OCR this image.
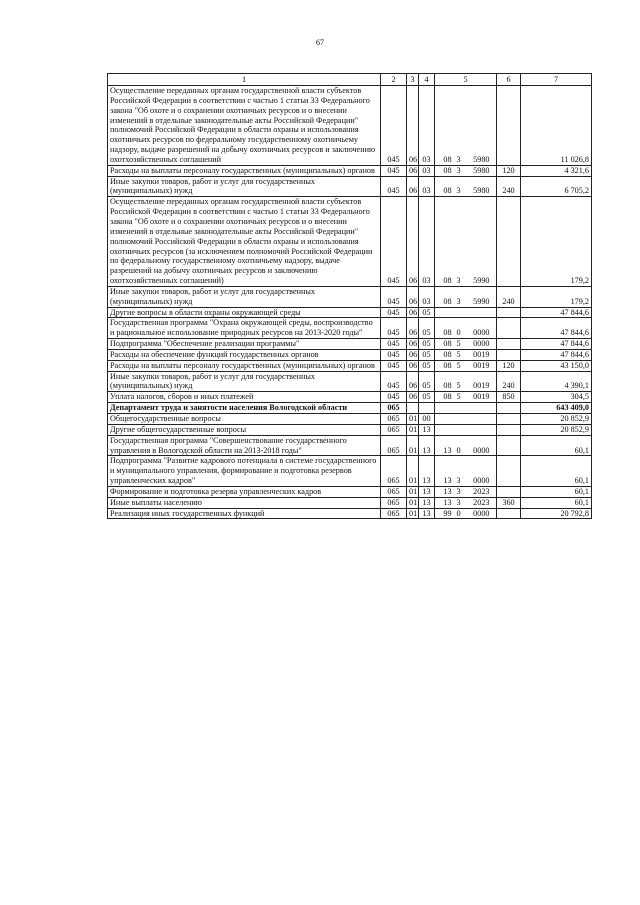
67
1	2	3	4	5	6	7
Осуществление переданных органам государственной власти субъектов Российской Федерации в соответствии с частью 1 статьи 33 Федерального закона "Об охоте и о сохранении охотничьих ресурсов и о внесении изменений в отдельные законодательные акты Российской Федерации" полномочий Российской Федерации в области охраны и использования охотничьих ресурсов по федеральному государственному охотничьему надзору, выдаче разрешений на добычу охотничьих ресурсов и заключению охотхозяйственных соглашений	045	06	03	08 3 5980		11 026,8
Расходы на выплаты персоналу государственных (муниципальных) органов	045	06	03	08 3 5980	120	4 321,6
Иные закупки товаров, работ и услуг для государственных (муниципальных) нужд	045	06	03	08 3 5980	240	6 705,2
Осуществление переданных органам государственной власти субъектов Российской Федерации в соответствии с частью 1 статьи 33 Федерального закона "Об охоте и о сохранении охотничьих ресурсов и о внесении изменений в отдельные законодательные акты Российской Федерации" полномочий Российской Федерации в области охраны и использования охотничьих ресурсов (за исключением полномочий Российской Федерации по федеральному государственному охотничьему надзору, выдаче разрешений на добычу охотничьих ресурсов и заключению охотхозяйственных соглашений)	045	06	03	08 3 5990		179,2
Иные закупки товаров, работ и услуг для государственных (муниципальных) нужд	045	06	03	08 3 5990	240	179,2
Другие вопросы в области охраны окружающей среды	045	06	05			47 844,6
Государственная программа "Охрана окружающей среды, воспроизводство и рациональное использование природных ресурсов на 2013-2020 годы"	045	06	05	08 0 0000		47 844,6
Подпрограмма "Обеспечение реализации программы"	045	06	05	08 5 0000		47 844,6
Расходы на обеспечение функций государственных органов	045	06	05	08 5 0019		47 844,6
Расходы на выплаты персоналу государственных (муниципальных) органов	045	06	05	08 5 0019	120	43 150,0
Иные закупки товаров, работ и услуг для государственных (муниципальных) нужд	045	06	05	08 5 0019	240	4 390,1
Уплата налогов, сборов и иных платежей	045	06	05	08 5 0019	850	304,5
Департамент труда и занятости населения Вологодской области	065					643 409,0
Общегосударственные вопросы	065	01	00			20 852,9
Другие общегосударственные вопросы	065	01	13			20 852,9
Государственная программа "Совершенствование государственного управления в Вологодской области на 2013-2018 годы"	065	01	13	13 0 0000		60,1
Подпрограмма "Развитие кадрового потенциала в системе государственного и муниципального управления, формирование и подготовка резервов управленческих кадров"	065	01	13	13 3 0000		60,1
Формирование и подготовка резерва управленческих кадров	065	01	13	13 3 2023		60,1
Иные выплаты населению	065	01	13	13 3 2023	360	60,1
Реализация иных государственных функций	065	01	13	99 0 0000		20 792,8
